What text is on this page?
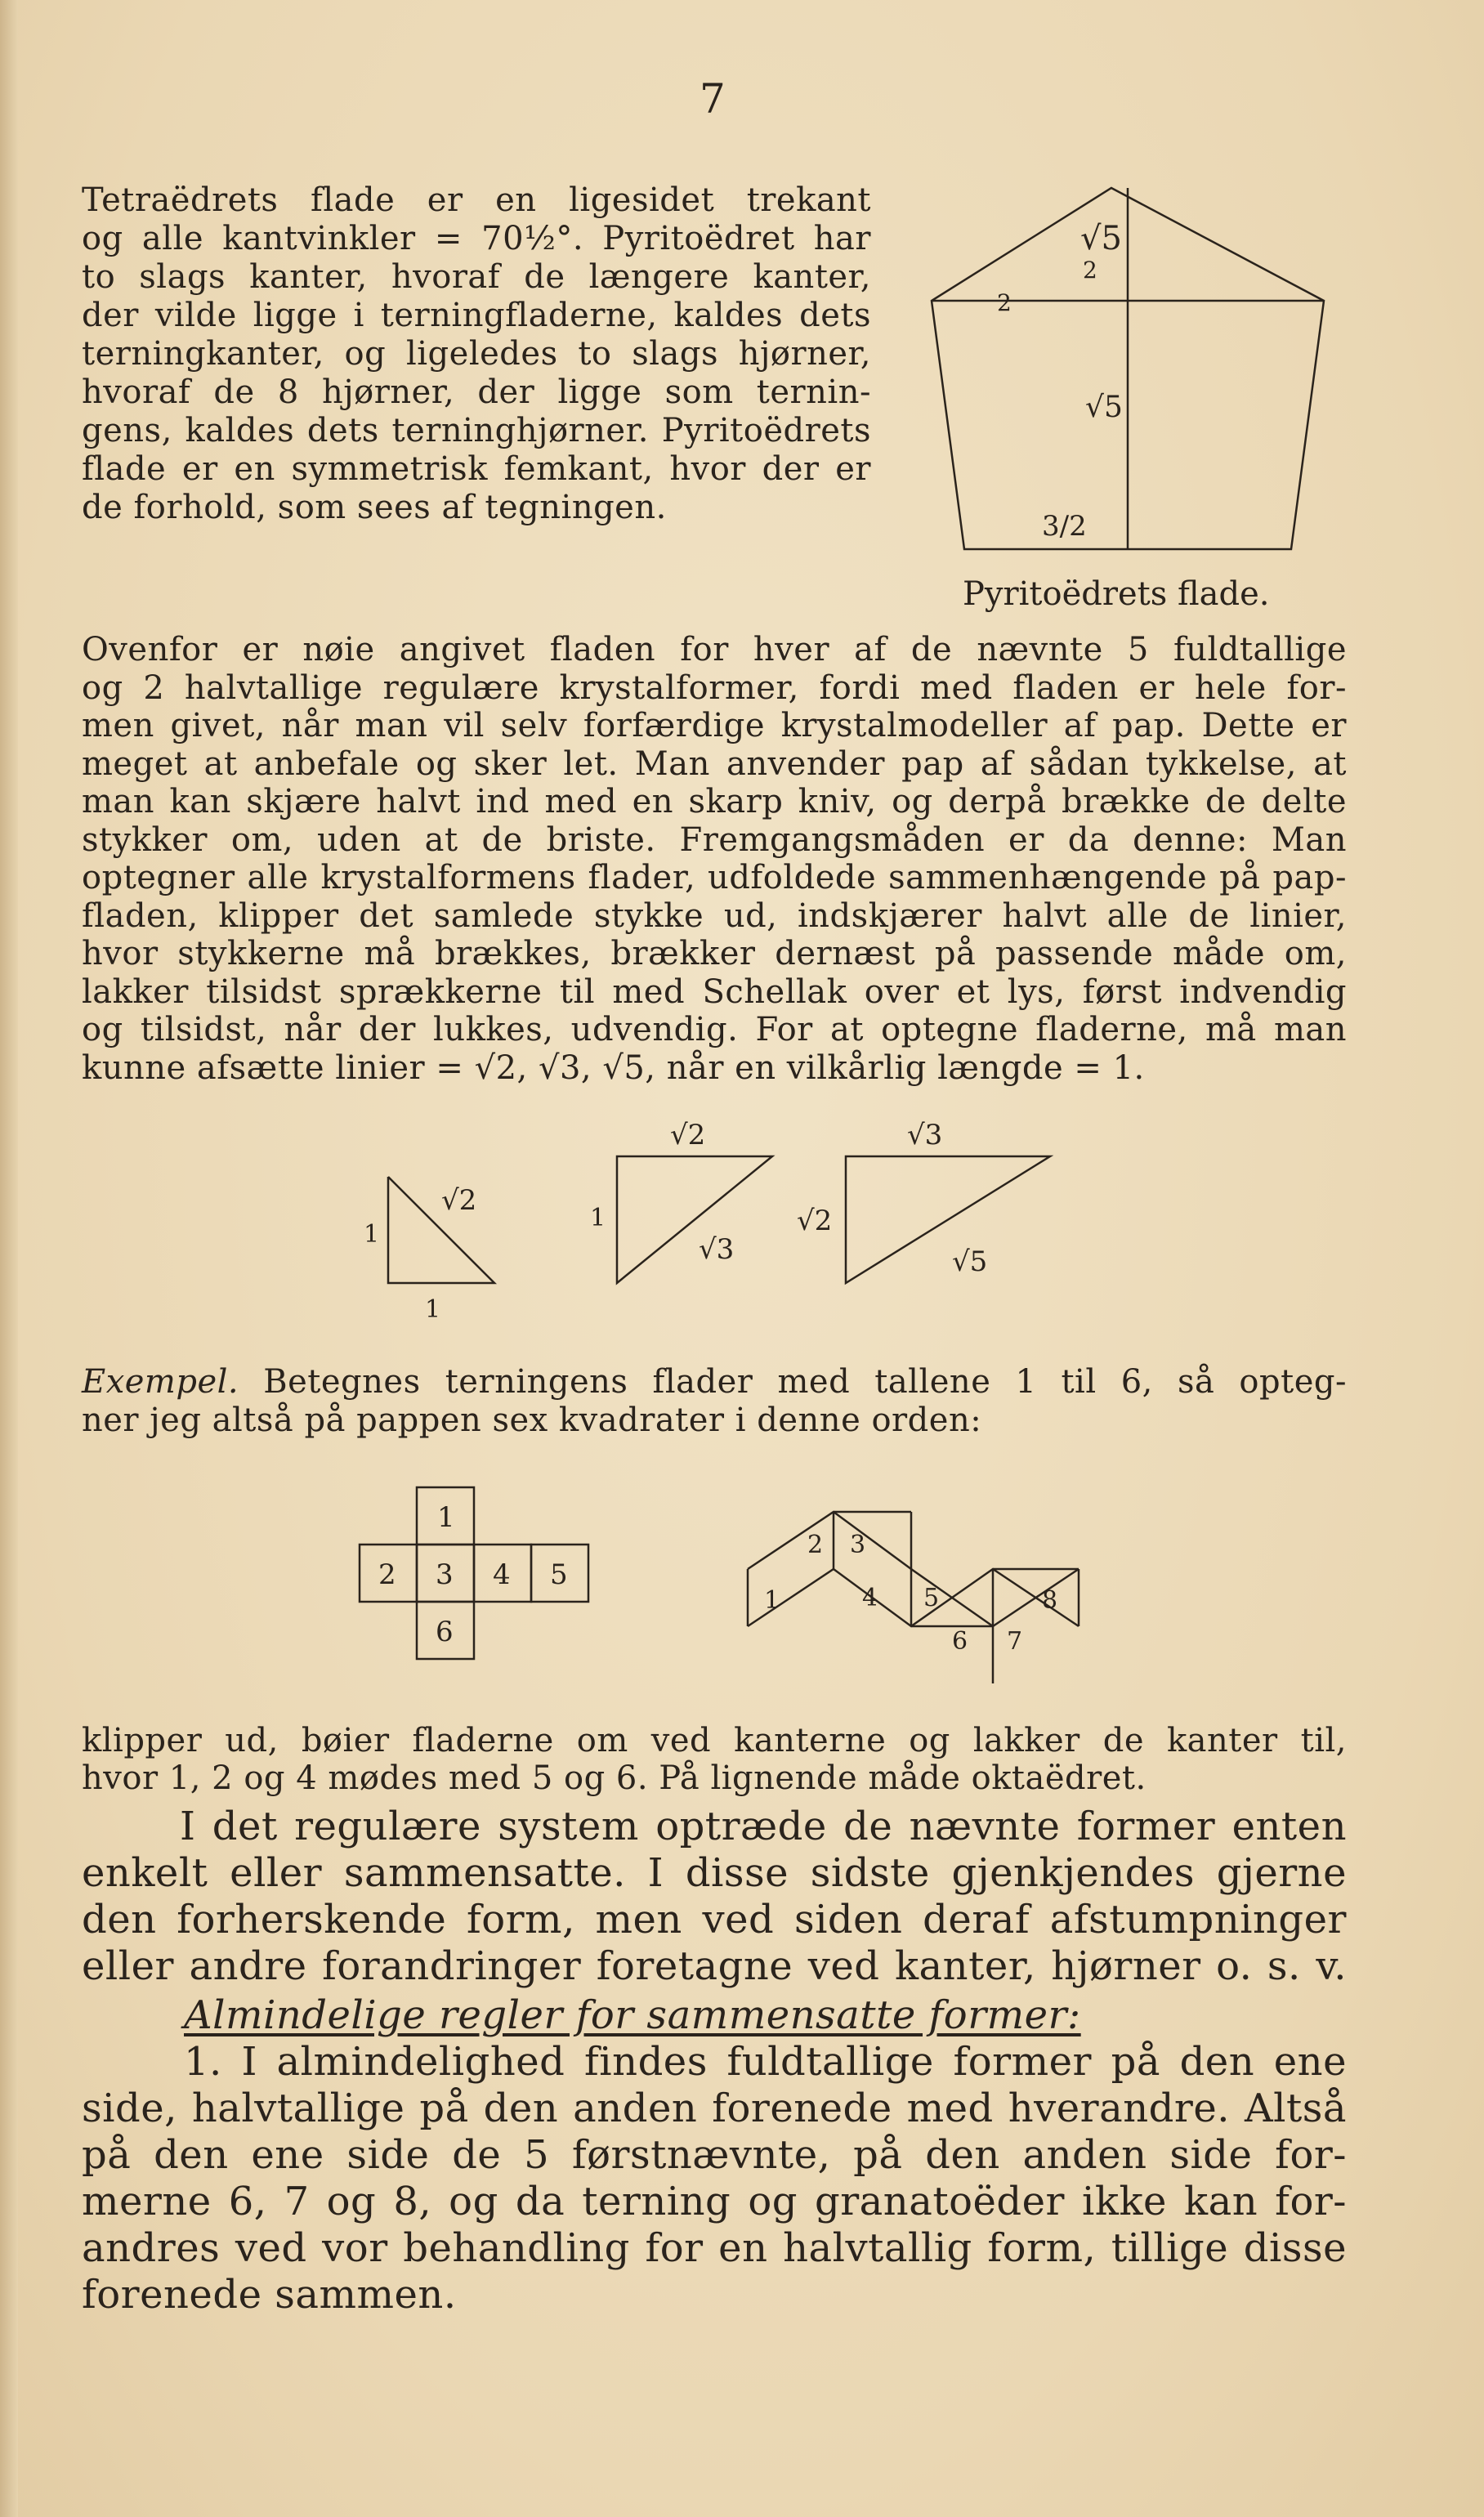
7
Tetraëdrets flade er en ligesidet trekant
og alle kantvinkler = 70½°. Pyritoëdret har
to slags kanter, hvoraf de længere kanter,
der vilde ligge i terningfladerne, kaldes dets
terningkanter, og ligeledes to slags hjørner,
hvoraf de 8 hjørner, der ligge som ternin-
gens, kaldes dets terninghjørner. Pyritoëdrets
flade er en symmetrisk femkant, hvor der er
de forhold, som sees af tegningen.
√5
2
2
√5
3/2
Pyritoëdrets flade.
Ovenfor er nøie angivet fladen for hver af de nævnte 5 fuldtallige
og 2 halvtallige regulære krystalformer, fordi med fladen er hele for-
men givet, når man vil selv forfærdige krystalmodeller af pap. Dette er
meget at anbefale og sker let. Man anvender pap af sådan tykkelse, at
man kan skjære halvt ind med en skarp kniv, og derpå brække de delte
stykker om, uden at de briste. Fremgangsmåden er da denne: Man
optegner alle krystalformens flader, udfoldede sammenhængende på pap-
fladen, klipper det samlede stykke ud, indskjærer halvt alle de linier,
hvor stykkerne må brækkes, brækker dernæst på passende måde om,
lakker tilsidst sprækkerne til med Schellak over et lys, først indvendig
og tilsidst, når der lukkes, udvendig. For at optegne fladerne, må man
kunne afsætte linier = √2, √3, √5, når en vilkårlig længde = 1.
1
1
√2
√2
1
√3
√3
√2
√5
Exempel. Betegnes terningens flader med tallene 1 til 6, så opteg-
ner jeg altså på pappen sex kvadrater i denne orden:
1
2 3 4 5
6
1
2 3
4 5
6 7
8
klipper ud, bøier fladerne om ved kanterne og lakker de kanter til,
hvor 1, 2 og 4 mødes med 5 og 6. På lignende måde oktaëdret.
I det regulære system optræde de nævnte former enten
enkelt eller sammensatte. I disse sidste gjenkjendes gjerne
den forherskende form, men ved siden deraf afstumpninger
eller andre forandringer foretagne ved kanter, hjørner o. s. v.
Almindelige regler for sammensatte former:
1. I almindelighed findes fuldtallige former på den ene
side, halvtallige på den anden forenede med hverandre. Altså
på den ene side de 5 førstnævnte, på den anden side for-
merne 6, 7 og 8, og da terning og granatoëder ikke kan for-
andres ved vor behandling for en halvtallig form, tillige disse
forenede sammen.
